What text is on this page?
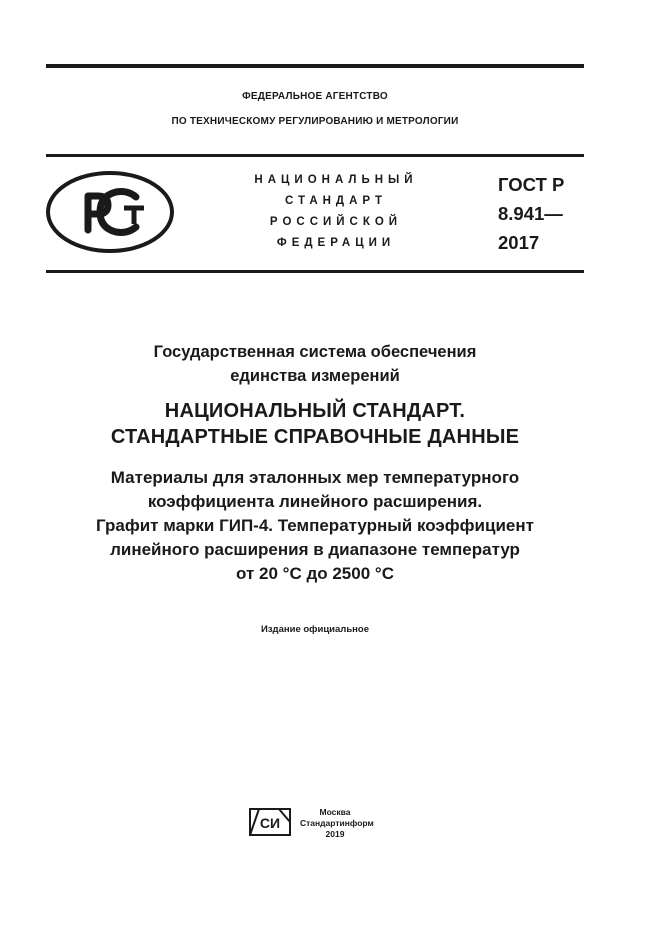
ФЕДЕРАЛЬНОЕ АГЕНТСТВО
ПО ТЕХНИЧЕСКОМУ РЕГУЛИРОВАНИЮ И МЕТРОЛОГИИ
НАЦИОНАЛЬНЫЙ
СТАНДАРТ
РОССИЙСКОЙ
ФЕДЕРАЦИИ
ГОСТ Р
8.941—
2017
Государственная система обеспечения
единства измерений
НАЦИОНАЛЬНЫЙ СТАНДАРТ.
СТАНДАРТНЫЕ СПРАВОЧНЫЕ ДАННЫЕ
Материалы для эталонных мер температурного
коэффициента линейного расширения.
Графит марки ГИП-4. Температурный коэффициент
линейного расширения в диапазоне температур
от 20 °С до 2500 °С
Издание официальное
СИ
Москва
Стандартинформ
2019
